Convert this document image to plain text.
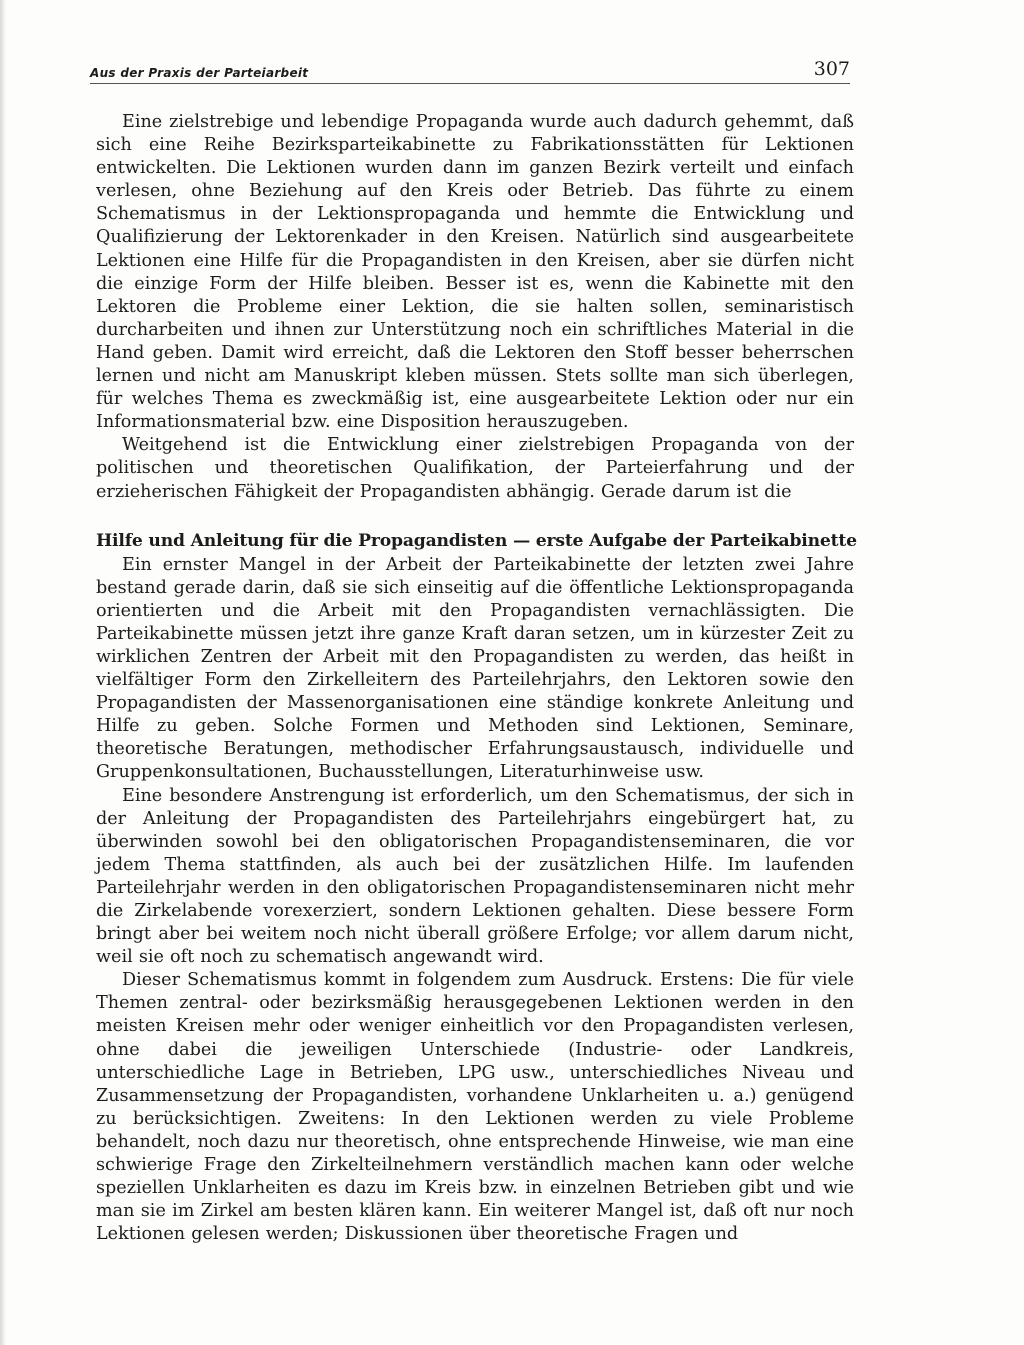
Aus der Praxis der Parteiarbeit	307

Eine zielstrebige und lebendige Propaganda wurde auch dadurch gehemmt, daß sich eine Reihe Bezirksparteikabinette zu Fabrikationsstätten für Lektionen entwickelten. Die Lektionen wurden dann im ganzen Bezirk verteilt und einfach verlesen, ohne Beziehung auf den Kreis oder Betrieb. Das führte zu einem Schematismus in der Lektionspropaganda und hemmte die Entwicklung und Qualifizierung der Lektorenkader in den Kreisen. Natürlich sind ausgearbeitete Lektionen eine Hilfe für die Propagandisten in den Kreisen, aber sie dürfen nicht die einzige Form der Hilfe bleiben. Besser ist es, wenn die Kabinette mit den Lektoren die Probleme einer Lektion, die sie halten sollen, seminaristisch durcharbeiten und ihnen zur Unterstützung noch ein schriftliches Material in die Hand geben. Damit wird erreicht, daß die Lektoren den Stoff besser beherrschen lernen und nicht am Manuskript kleben müssen. Stets sollte man sich überlegen, für welches Thema es zweckmäßig ist, eine ausgearbeitete Lektion oder nur ein Informationsmaterial bzw. eine Disposition herauszugeben.

Weitgehend ist die Entwicklung einer zielstrebigen Propaganda von der politischen und theoretischen Qualifikation, der Parteierfahrung und der erzieherischen Fähigkeit der Propagandisten abhängig. Gerade darum ist die

Hilfe und Anleitung für die Propagandisten — erste Aufgabe der Parteikabinette

Ein ernster Mangel in der Arbeit der Parteikabinette der letzten zwei Jahre bestand gerade darin, daß sie sich einseitig auf die öffentliche Lektionspropaganda orientierten und die Arbeit mit den Propagandisten vernachlässigten. Die Parteikabinette müssen jetzt ihre ganze Kraft daran setzen, um in kürzester Zeit zu wirklichen Zentren der Arbeit mit den Propagandisten zu werden, das heißt in vielfältiger Form den Zirkelleitern des Parteilehrjahrs, den Lektoren sowie den Propagandisten der Massenorganisationen eine ständige konkrete Anleitung und Hilfe zu geben. Solche Formen und Methoden sind Lektionen, Seminare, theoretische Beratungen, methodischer Erfahrungsaustausch, individuelle und Gruppenkonsultationen, Buchausstellungen, Literaturhinweise usw.

Eine besondere Anstrengung ist erforderlich, um den Schematismus, der sich in der Anleitung der Propagandisten des Parteilehrjahrs eingebürgert hat, zu überwinden sowohl bei den obligatorischen Propagandistenseminaren, die vor jedem Thema stattfinden, als auch bei der zusätzlichen Hilfe. Im laufenden Parteilehrjahr werden in den obligatorischen Propagandistenseminaren nicht mehr die Zirkelabende vorexerziert, sondern Lektionen gehalten. Diese bessere Form bringt aber bei weitem noch nicht überall größere Erfolge; vor allem darum nicht, weil sie oft noch zu schematisch angewandt wird.

Dieser Schematismus kommt in folgendem zum Ausdruck. Erstens: Die für viele Themen zentral- oder bezirksmäßig herausgegebenen Lektionen werden in den meisten Kreisen mehr oder weniger einheitlich vor den Propagandisten verlesen, ohne dabei die jeweiligen Unterschiede (Industrie- oder Landkreis, unterschiedliche Lage in Betrieben, LPG usw., unterschiedliches Niveau und Zusammensetzung der Propagandisten, vorhandene Unklarheiten u. a.) genügend zu berücksichtigen. Zweitens: In den Lektionen werden zu viele Probleme behandelt, noch dazu nur theoretisch, ohne entsprechende Hinweise, wie man eine schwierige Frage den Zirkelteilnehmern verständlich machen kann oder welche speziellen Unklarheiten es dazu im Kreis bzw. in einzelnen Betrieben gibt und wie man sie im Zirkel am besten klären kann. Ein weiterer Mangel ist, daß oft nur noch Lektionen gelesen werden; Diskussionen über theoretische Fragen und
